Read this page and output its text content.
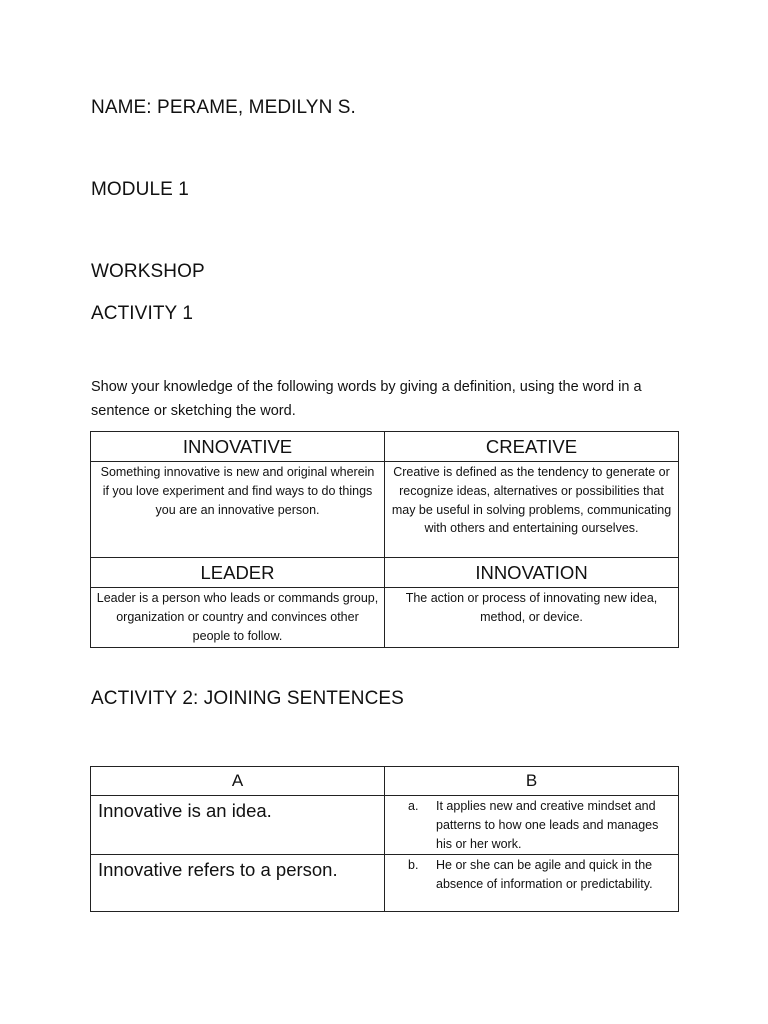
NAME: PERAME, MEDILYN S.
MODULE 1
WORKSHOP
ACTIVITY 1
Show your knowledge of the following words by giving a definition, using the word in a sentence or sketching the word.
INNOVATIVE	CREATIVE
Something innovative is new and original wherein if you love experiment and find ways to do things you are an innovative person.	Creative is defined as the tendency to generate or recognize ideas, alternatives or possibilities that may be useful in solving problems, communicating with others and entertaining ourselves.
LEADER	INNOVATION
Leader is a person who leads or commands group, organization or country and convinces other people to follow.	The action or process of innovating new idea, method, or device.
ACTIVITY 2: JOINING SENTENCES
A	B
Innovative is an idea.	a. It applies new and creative mindset and patterns to how one leads and manages his or her work.

Innovative refers to a person.	b. He or she can be agile and quick in the absence of information or predictability.
